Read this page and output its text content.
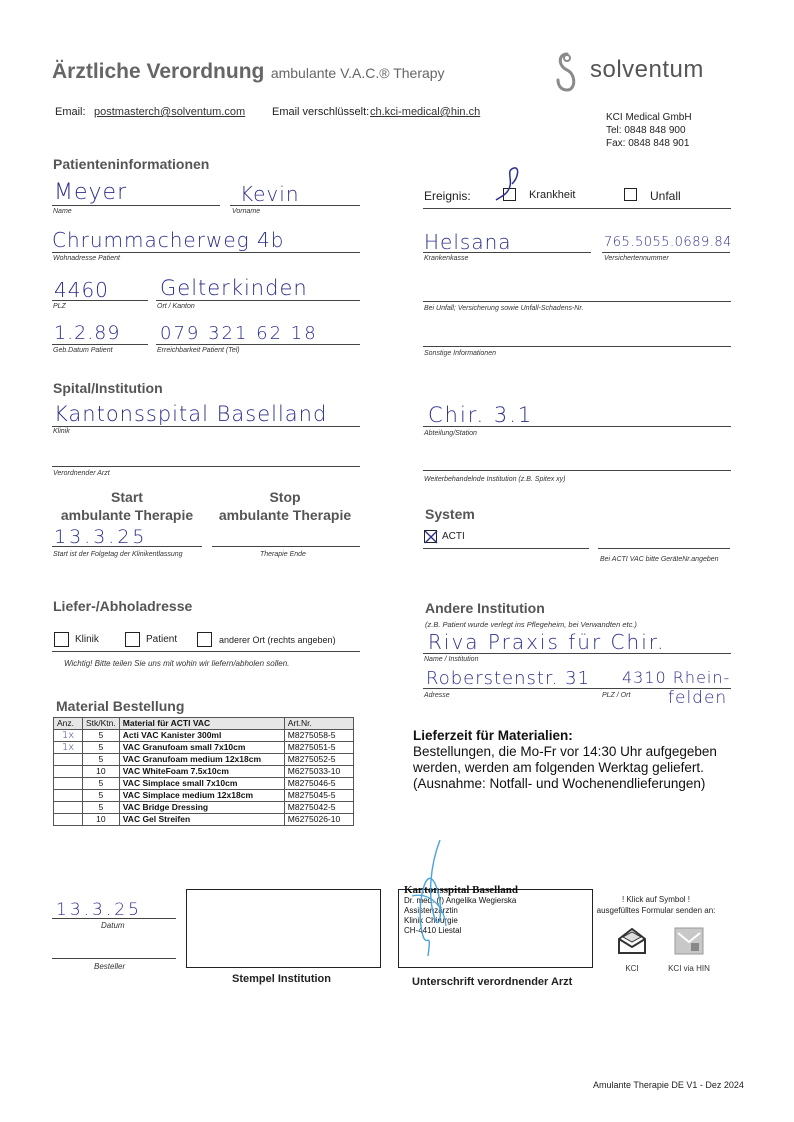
Ärztliche Verordnung ambulante V.A.C.® Therapy	solventum
Email: postmasterch@solventum.com Email verschlüsselt: ch.kci-medical@hin.ch	KCI Medical GmbH
Tel: 0848 848 900
Fax: 0848 848 901
Patienteninformationen
Meyer
Name
Kevin
Vorname
Chrummacherweg 4b
Wohnadresse Patient
4460
PLZ
Gelterkinden
Ort / Kanton
1.2.89
Geb.Datum Patient
079 321 62 18
Erreichbarkeit Patient (Tel)
Ereignis:	Krankheit	Unfall
Helsana
Krankenkasse
765.5055.0689.84
Versichertennummer
Bei Unfall; Versicherung sowie Unfall-Schadens-Nr.
Sonstige Informationen
Spital/Institution
Kantonsspital Baselland
Klinik
Chir. 3.1
Abteilung/Station
Verordnender Arzt
Weiterbehandelnde Institution (z.B. Spitex xy)
Start
ambulante Therapie
Stop
ambulante Therapie
13.3.25
Start ist der Folgetag der Klinikentlassung	Therapie Ende
System
ACTI
Bei ACTI VAC bitte GeräteNr.angeben
Liefer-/Abholadresse
Klinik	Patient	anderer Ort (rechts angeben)
Wichtig! Bitte teilen Sie uns mit wohin wir liefern/abholen sollen.
Andere Institution
(z.B. Patient wurde verlegt ins Pflegeheim, bei Verwandten etc.)
Riva Praxis für Chir.
Name / Institution
Roberstenstr. 31 4310 Rhein-
Adresse	PLZ / Ort felden
Material Bestellung
Anz.	Stk/Ktn.	Material für ACTI VAC	Art.Nr.
1x	5	Acti VAC Kanister 300ml	M8275058-5
1x	5	VAC Granufoam small 7x10cm	M8275051-5
	5	VAC Granufoam medium 12x18cm	M8275052-5
	10	VAC WhiteFoam 7.5x10cm	M6275033-10
	5	VAC Simplace small 7x10cm	M8275046-5
	5	VAC Simplace medium 12x18cm	M8275045-5
	5	VAC Bridge Dressing	M8275042-5
	10	VAC Gel Streifen	M6275026-10
Lieferzeit für Materialien:
Bestellungen, die Mo-Fr vor 14:30 Uhr aufgegeben
werden, werden am folgenden Werktag geliefert.
(Ausnahme: Notfall- und Wochenendlieferungen)
13.3.25
Datum
Besteller
Stempel Institution
Kantonsspital Baselland
Dr. med. (I) Angelika Wegierska
Assistenzärztin
Klinik Chirurgie
CH-4410 Liestal
Unterschrift verordnender Arzt
! Klick auf Symbol !
ausgefülltes Formular senden an:
KCI	KCI via HIN
Amulante Therapie DE V1 - Dez 2024
